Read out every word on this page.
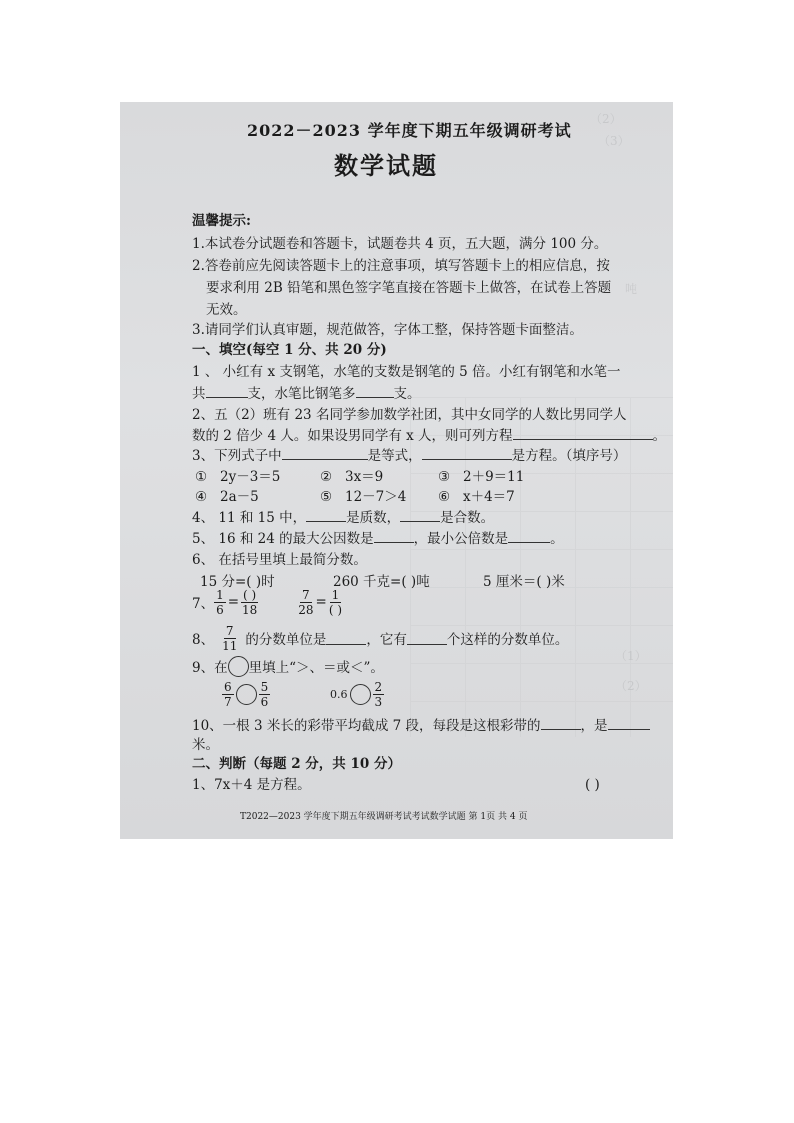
（2）
（3）
吨
（1）
（2）
2022－2023 学年度下期五年级调研考试
数学试题
温馨提示:
1.本试卷分试题卷和答题卡，试题卷共 4 页，五大题，满分 100 分。
2.答卷前应先阅读答题卡上的注意事项，填写答题卡上的相应信息，按
要求利用 2B 铅笔和黑色签字笔直接在答题卡上做答，在试卷上答题
无效。
3.请同学们认真审题，规范做答，字体工整，保持答题卡面整洁。
一、填空(每空 1 分、共 20 分)
1 、 小红有 x 支钢笔，水笔的支数是钢笔的 5 倍。小红有钢笔和水笔一
共	支，水笔比钢笔多	支。
2、五（2）班有 23 名同学参加数学社团，其中女同学的人数比男同学人
数的 2 倍少 4 人。如果设男同学有 x 人，则可列方程	。
3、下列式子中	是等式，	是方程。（填序号）
① 2y－3＝5	② 3x＝9	③ 2＋9＝11
④ 2a－5	⑤ 12－7＞4 ⑥ x＋4＝7
4、 11 和 15 中，	是质数，	是合数。
5、 16 和 24 的最大公因数是	，最小公倍数是	。
6、 在括号里填上最简分数。
15 分=( )时	260 千克=( )吨	5 厘米＝( )米
7、 $\frac{1}{6} = \frac{( )}{18}$	$\frac{7}{28} = \frac{1}{( )}$
8、 $\frac{7}{11}$ 的分数单位是	，它有	个这样的分数单位。
9、在 里填上“＞、＝或＜”。
$\frac{6}{7} \frac{5}{6}$	$0.6 \frac{2}{3}$
10、一根 3 米长的彩带平均截成 7 段，每段是这根彩带的	，是
米。
二、判断（每题 2 分，共 10 分）
1、7x＋4 是方程。	( )
T2022—2023 学年度下期五年级调研考试考试数学试题 第 1页 共 4 页
